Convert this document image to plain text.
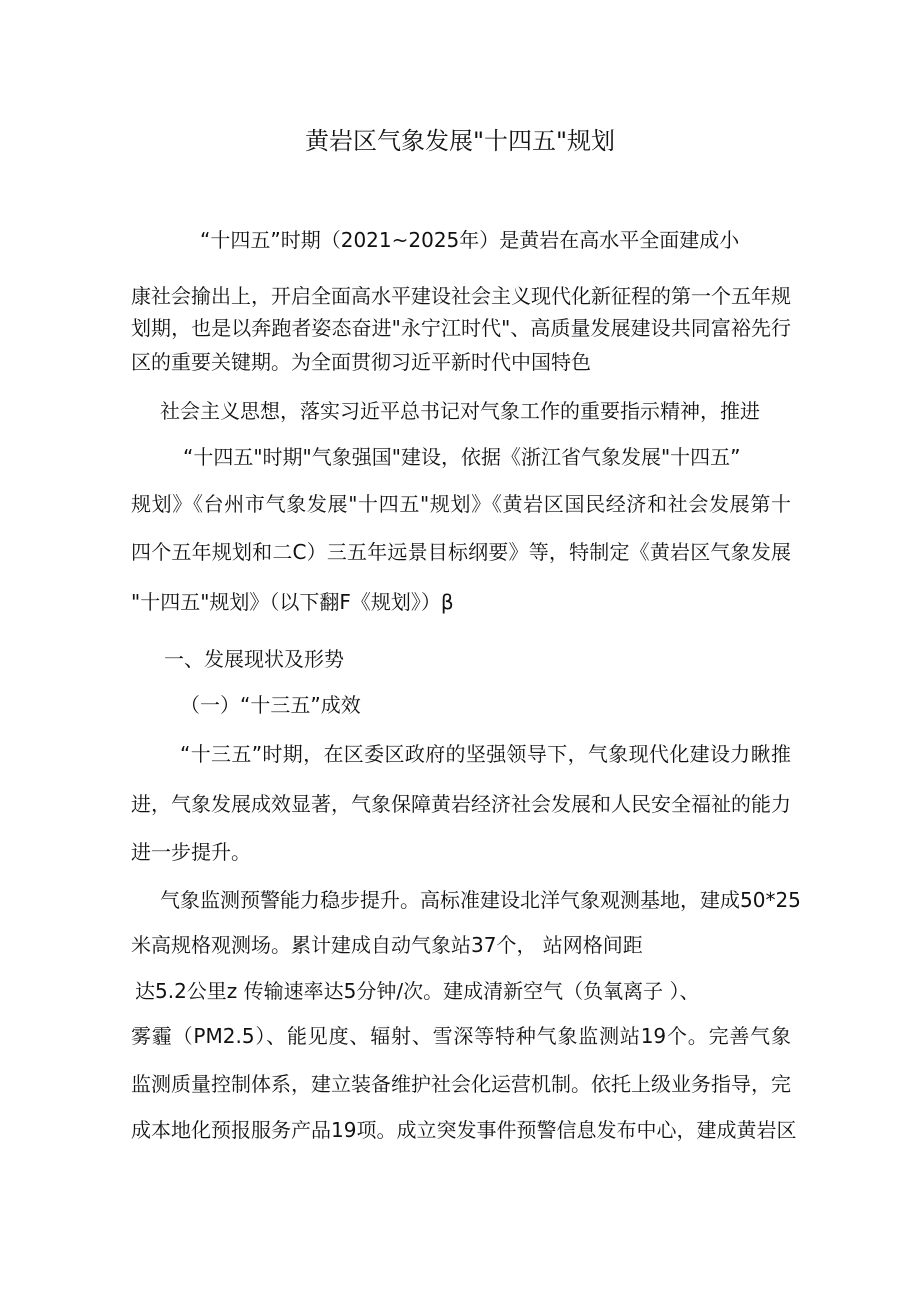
黄岩区气象发展"十四五"规划
“十四五”时期（2021~2025年）是黄岩在高水平全面建成小
康社会揄出上，开启全面高水平建设社会主义现代化新征程的第一个五年规
划期，也是以奔跑者姿态奋进"永宁江时代"、高质量发展建设共同富裕先行
区的重要关键期。为全面贯彻习近平新时代中国特色
社会主义思想，落实习近平总书记对气象工作的重要指示精神，推进
“十四五"时期"气象强国"建设，依据《浙江省气象发展"十四五”
规划》《台州市气象发展"十四五"规划》《黄岩区国民经济和社会发展第十
四个五年规划和二C）三五年远景目标纲要》等，特制定《黄岩区气象发展
"十四五"规划》（以下翻F《规划》）β
一、发展现状及形势
（一）“十三五”成效
“十三五”时期，在区委区政府的坚强领导下，气象现代化建设力瞅推
进，气象发展成效显著，气象保障黄岩经济社会发展和人民安全福祉的能力
进一步提升。
气象监测预警能力稳步提升。高标准建设北洋气象观测基地，建成50*25
米高规格观测场。累计建成自动气象站37个， 站网格间距
达5.2公里z 传输速率达5分钟/次。建成清新空气（负氧离子 ）、
雾霾（PM2.5）、能见度、辐射、雪深等特种气象监测站19个。完善气象
监测质量控制体系，建立装备维护社会化运营机制。依托上级业务指导，完
成本地化预报服务产品19项。成立突发事件预警信息发布中心，建成黄岩区
